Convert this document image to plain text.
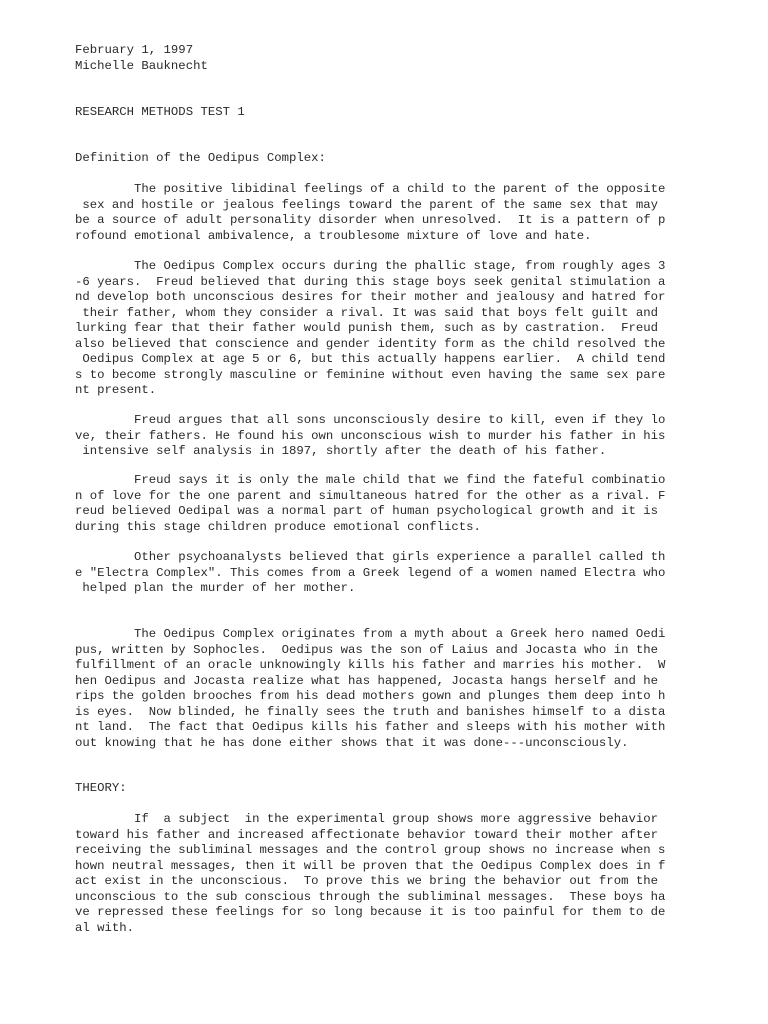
February 1, 1997

Michelle Bauknecht

RESEARCH METHODS TEST 1

Definition of the Oedipus Complex:

The positive libidinal feelings of a child to the parent of the opposite

sex and hostile or jealous feelings toward the parent of the same sex that may

be a source of adult personality disorder when unresolved.  It is a pattern of p

rofound emotional ambivalence, a troublesome mixture of love and hate.

The Oedipus Complex occurs during the phallic stage, from roughly ages 3

-6 years.  Freud believed that during this stage boys seek genital stimulation a

nd develop both unconscious desires for their mother and jealousy and hatred for

their father, whom they consider a rival. It was said that boys felt guilt and

lurking fear that their father would punish them, such as by castration.  Freud

also believed that conscience and gender identity form as the child resolved the

Oedipus Complex at age 5 or 6, but this actually happens earlier.  A child tend

s to become strongly masculine or feminine without even having the same sex pare

nt present.

Freud argues that all sons unconsciously desire to kill, even if they lo

ve, their fathers. He found his own unconscious wish to murder his father in his

intensive self analysis in 1897, shortly after the death of his father.

Freud says it is only the male child that we find the fateful combinatio

n of love for the one parent and simultaneous hatred for the other as a rival. F

reud believed Oedipal was a normal part of human psychological growth and it is

during this stage children produce emotional conflicts.

Other psychoanalysts believed that girls experience a parallel called th

e "Electra Complex". This comes from a Greek legend of a women named Electra who

helped plan the murder of her mother.

The Oedipus Complex originates from a myth about a Greek hero named Oedi

pus, written by Sophocles.  Oedipus was the son of Laius and Jocasta who in the

fulfillment of an oracle unknowingly kills his father and marries his mother.  W

hen Oedipus and Jocasta realize what has happened, Jocasta hangs herself and he

rips the golden brooches from his dead mothers gown and plunges them deep into h

is eyes.  Now blinded, he finally sees the truth and banishes himself to a dista

nt land.  The fact that Oedipus kills his father and sleeps with his mother with

out knowing that he has done either shows that it was done---unconsciously.

THEORY:

If  a subject  in the experimental group shows more aggressive behavior

toward his father and increased affectionate behavior toward their mother after

receiving the subliminal messages and the control group shows no increase when s

hown neutral messages, then it will be proven that the Oedipus Complex does in f

act exist in the unconscious.  To prove this we bring the behavior out from the

unconscious to the sub conscious through the subliminal messages.  These boys ha

ve repressed these feelings for so long because it is too painful for them to de

al with.
